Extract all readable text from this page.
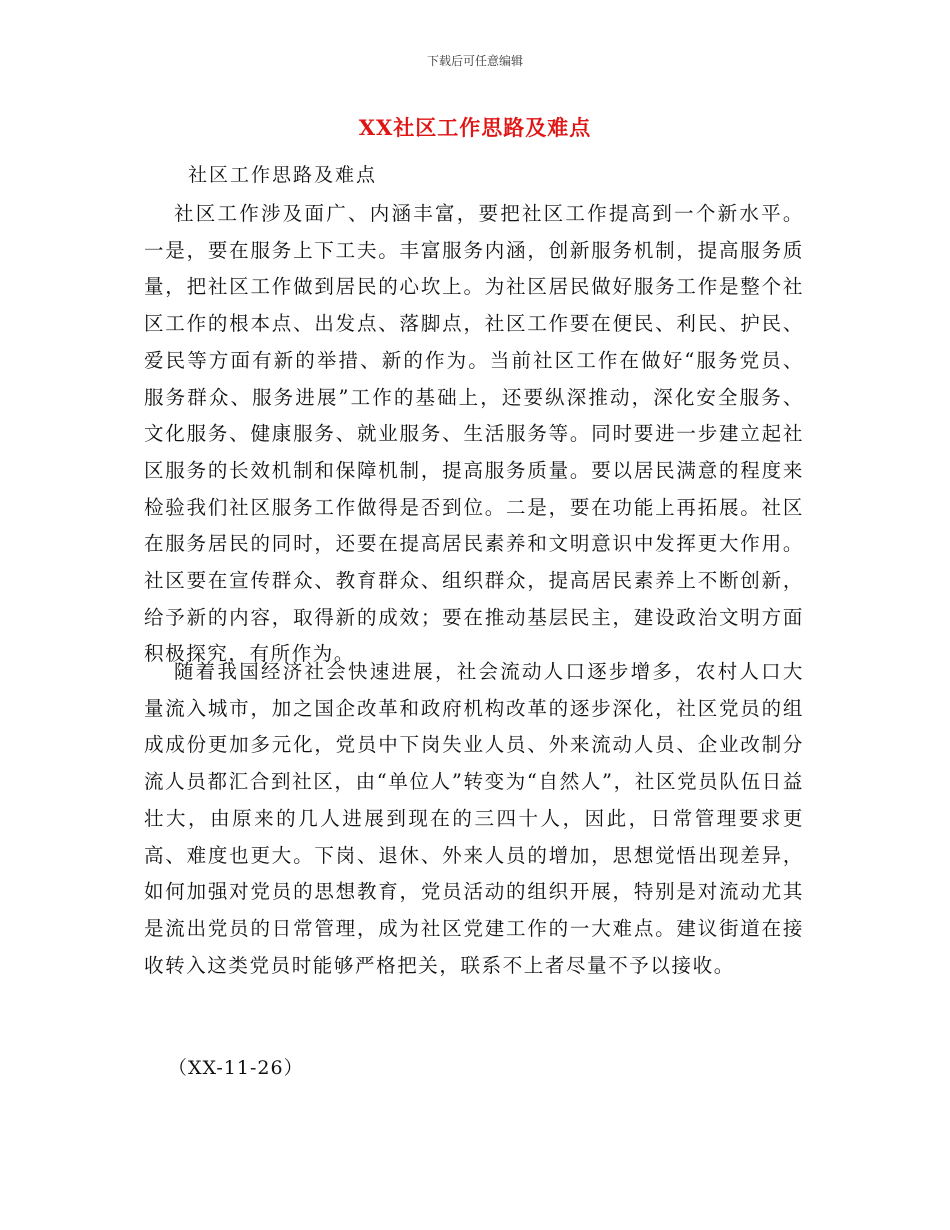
下载后可任意编辑
XX社区工作思路及难点
社区工作思路及难点
社区工作涉及面广、内涵丰富，要把社区工作提高到一个新水平。一是，要在服务上下工夫。丰富服务内涵，创新服务机制，提高服务质量，把社区工作做到居民的心坎上。为社区居民做好服务工作是整个社区工作的根本点、出发点、落脚点，社区工作要在便民、利民、护民、爱民等方面有新的举措、新的作为。当前社区工作在做好“服务党员、服务群众、服务进展”工作的基础上，还要纵深推动，深化安全服务、文化服务、健康服务、就业服务、生活服务等。同时要进一步建立起社区服务的长效机制和保障机制，提高服务质量。要以居民满意的程度来检验我们社区服务工作做得是否到位。二是，要在功能上再拓展。社区在服务居民的同时，还要在提高居民素养和文明意识中发挥更大作用。社区要在宣传群众、教育群众、组织群众，提高居民素养上不断创新，给予新的内容，取得新的成效；要在推动基层民主，建设政治文明方面积极探究，有所作为。
随着我国经济社会快速进展，社会流动人口逐步增多，农村人口大量流入城市，加之国企改革和政府机构改革的逐步深化，社区党员的组成成份更加多元化，党员中下岗失业人员、外来流动人员、企业改制分流人员都汇合到社区，由“单位人”转变为“自然人”，社区党员队伍日益壮大，由原来的几人进展到现在的三四十人，因此，日常管理要求更高、难度也更大。下岗、退休、外来人员的增加，思想觉悟出现差异，如何加强对党员的思想教育，党员活动的组织开展，特别是对流动尤其是流出党员的日常管理，成为社区党建工作的一大难点。建议街道在接收转入这类党员时能够严格把关，联系不上者尽量不予以接收。
（XX-11-26）
